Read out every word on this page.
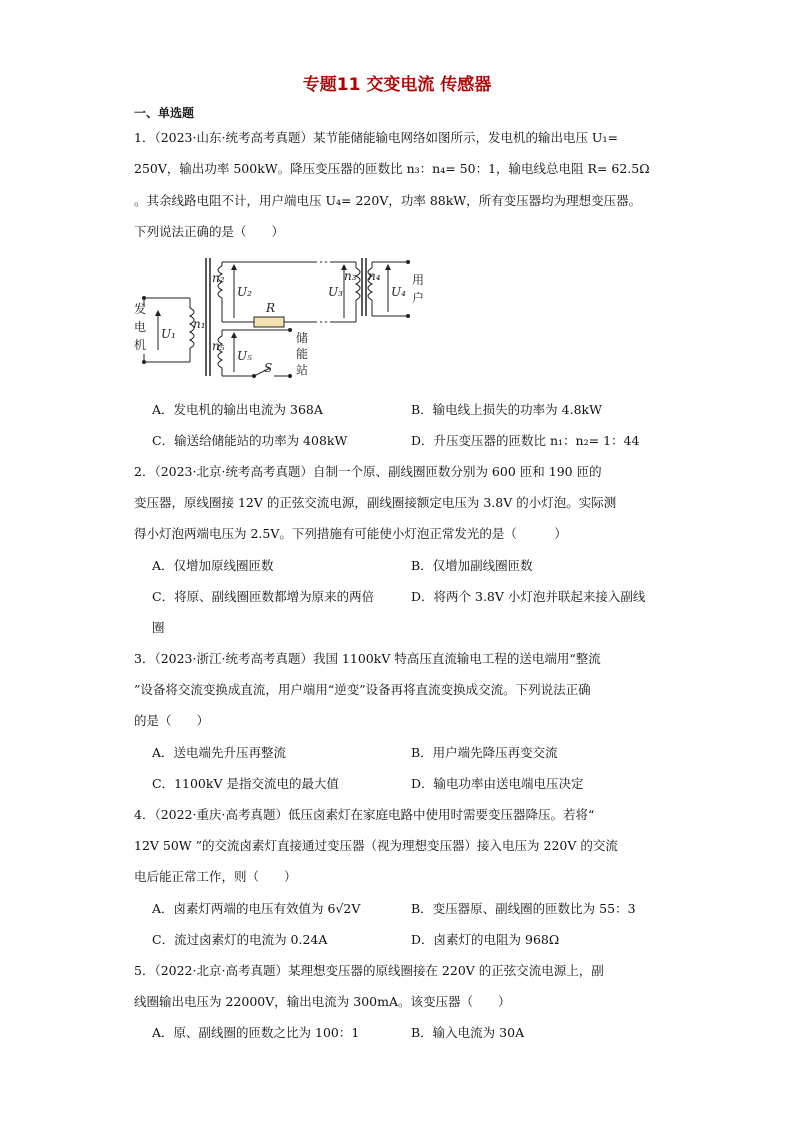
专题11 交变电流 传感器
一、单选题
1．（2023·山东·统考高考真题）某节能储能输电网络如图所示，发电机的输出电压 U₁=
250V，输出功率 500kW。降压变压器的匝数比 n₃：n₄= 50：1，输电线总电阻 R= 62.5Ω
。其余线路电阻不计，用户端电压 U₄= 220V，功率 88kW，所有变压器均为理想变压器。
下列说法正确的是（　　）
发
电
机
U₁
n₁
n₂
U₂
R
n₃
U₃
n₄
U₄
用
户
n₅
U₅
S
储
能
站
A．发电机的输出电流为 368A	B．输电线上损失的功率为 4.8kW
C．输送给储能站的功率为 408kW	D．升压变压器的匝数比 n₁：n₂= 1：44
2．（2023·北京·统考高考真题）自制一个原、副线圈匝数分别为 600 匝和 190 匝的
变压器，原线圈接 12V 的正弦交流电源，副线圈接额定电压为 3.8V 的小灯泡。实际测
得小灯泡两端电压为 2.5V。下列措施有可能使小灯泡正常发光的是（　　　）
A．仅增加原线圈匝数	B．仅增加副线圈匝数
C．将原、副线圈匝数都增为原来的两倍	D．将两个 3.8V 小灯泡并联起来接入副线
圈
3．（2023·浙江·统考高考真题）我国 1100kV 特高压直流输电工程的送电端用“整流
”设备将交流变换成直流，用户端用“逆变”设备再将直流变换成交流。下列说法正确
的是（　　）
A．送电端先升压再整流	B．用户端先降压再变交流
C．1100kV 是指交流电的最大值	D．输电功率由送电端电压决定
4．（2022·重庆·高考真题）低压卤素灯在家庭电路中使用时需要变压器降压。若将“
12V 50W ”的交流卤素灯直接通过变压器（视为理想变压器）接入电压为 220V 的交流
电后能正常工作，则（　　）
A．卤素灯两端的电压有效值为 6√2V	B．变压器原、副线圈的匝数比为 55：3
C．流过卤素灯的电流为 0.24A	D．卤素灯的电阻为 968Ω
5．（2022·北京·高考真题）某理想变压器的原线圈接在 220V 的正弦交流电源上，副
线圈输出电压为 22000V，输出电流为 300mA。该变压器（　　）
A．原、副线圈的匝数之比为 100：1	B．输入电流为 30A
